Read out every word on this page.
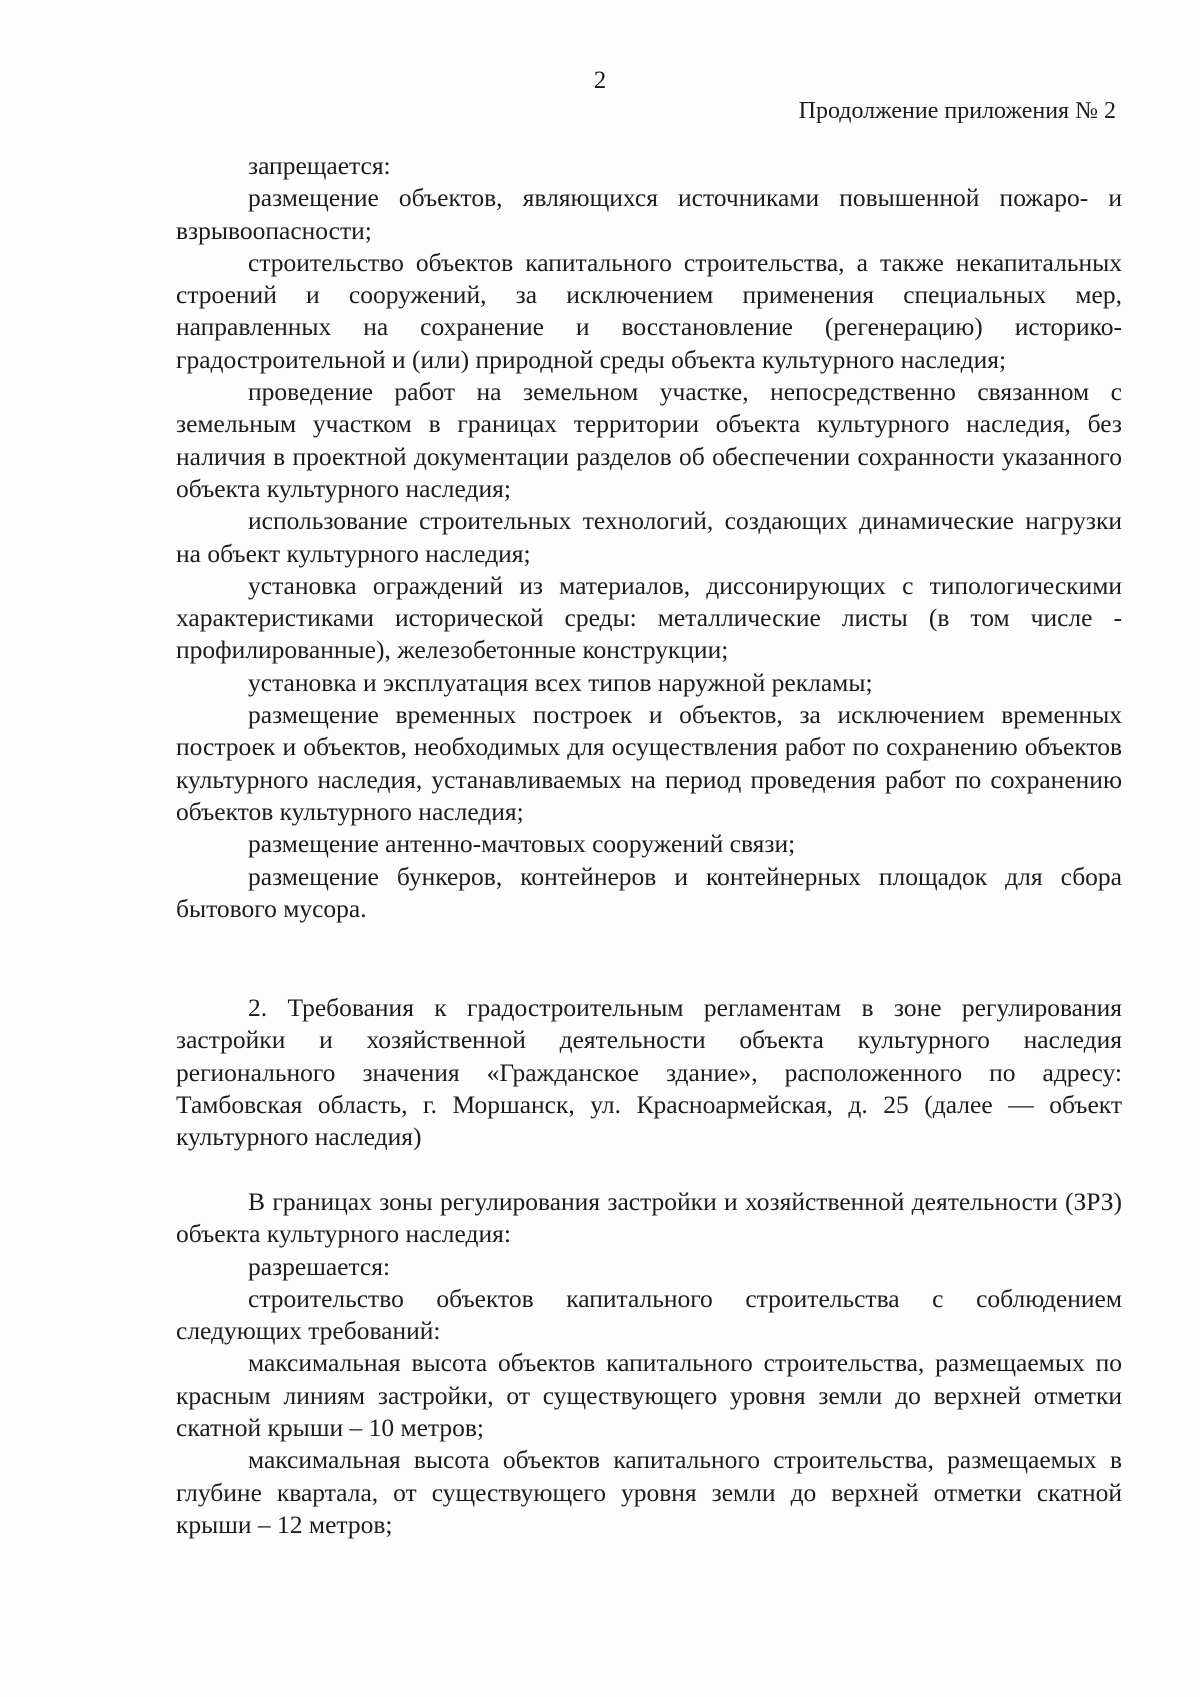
2
Продолжение приложения № 2

запрещается:

размещение объектов, являющихся источниками повышенной пожаро- и взрывоопасности;

строительство объектов капитального строительства, а также некапитальных строений и сооружений, за исключением применения специальных мер, направленных на сохранение и восстановление (регенерацию) историко-градостроительной и (или) природной среды объекта культурного наследия;

проведение работ на земельном участке, непосредственно связанном с земельным участком в границах территории объекта культурного наследия, без наличия в проектной документации разделов об обеспечении сохранности указанного объекта культурного наследия;

использование строительных технологий, создающих динамические нагрузки на объект культурного наследия;

установка ограждений из материалов, диссонирующих с типологическими характеристиками исторической среды: металлические листы (в том числе - профилированные), железобетонные конструкции;

установка и эксплуатация всех типов наружной рекламы;

размещение временных построек и объектов, за исключением временных построек и объектов, необходимых для осуществления работ по сохранению объектов культурного наследия, устанавливаемых на период проведения работ по сохранению объектов культурного наследия;

размещение антенно-мачтовых сооружений связи;

размещение бункеров, контейнеров и контейнерных площадок для сбора бытового мусора.

2. Требования к градостроительным регламентам в зоне регулирования застройки и хозяйственной деятельности объекта культурного наследия регионального значения «Гражданское здание», расположенного по адресу: Тамбовская область, г. Моршанск, ул. Красноармейская, д. 25 (далее — объект культурного наследия)

В границах зоны регулирования застройки и хозяйственной деятельности (ЗРЗ) объекта культурного наследия:

разрешается:

строительство объектов капитального строительства с соблюдением следующих требований:

максимальная высота объектов капитального строительства, размещаемых по красным линиям застройки, от существующего уровня земли до верхней отметки скатной крыши – 10 метров;

максимальная высота объектов капитального строительства, размещаемых в глубине квартала, от существующего уровня земли до верхней отметки скатной крыши – 12 метров;
